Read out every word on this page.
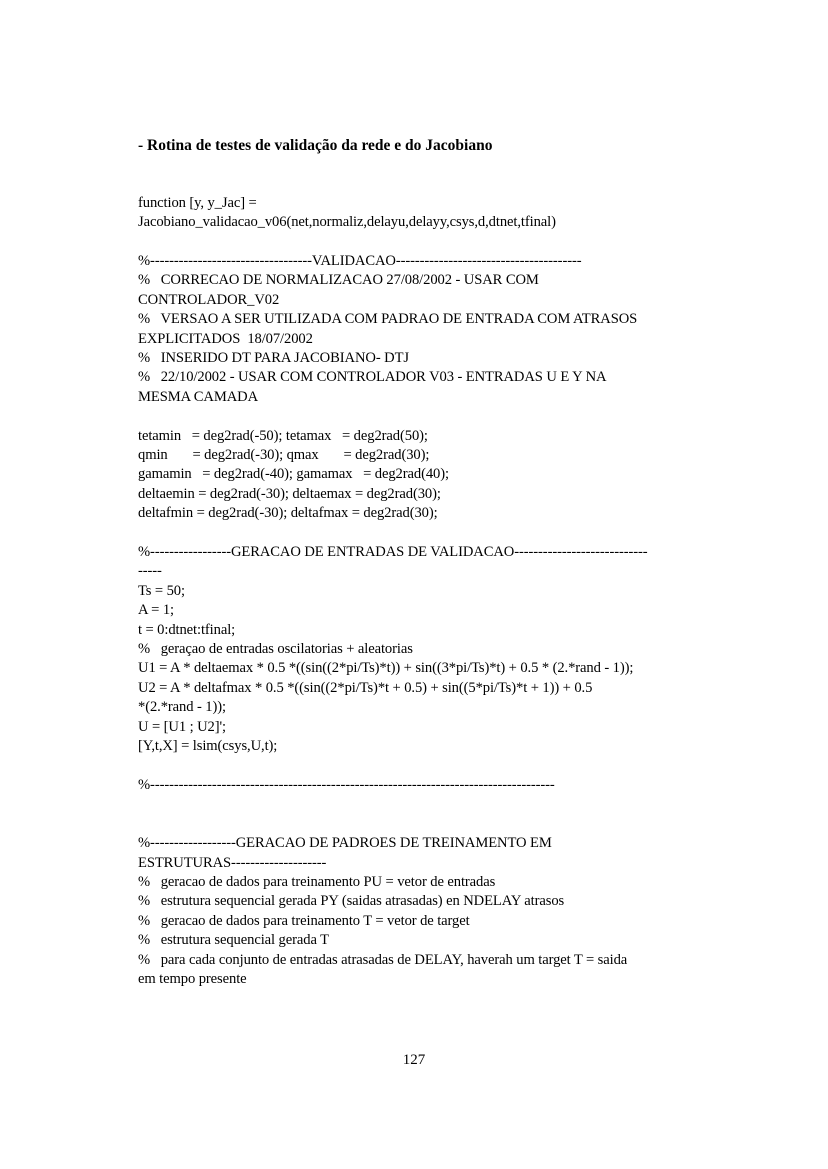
- Rotina de testes de validação da rede e do Jacobiano

function [y, y_Jac] =

Jacobiano_validacao_v06(net,normaliz,delayu,delayy,csys,d,dtnet,tfinal)

%----------------------------------VALIDACAO---------------------------------------

%   CORRECAO DE NORMALIZACAO 27/08/2002 - USAR COM

CONTROLADOR_V02

%   VERSAO A SER UTILIZADA COM PADRAO DE ENTRADA COM ATRASOS

EXPLICITADOS  18/07/2002

%   INSERIDO DT PARA JACOBIANO- DTJ

%   22/10/2002 - USAR COM CONTROLADOR V03 - ENTRADAS U E Y NA

MESMA CAMADA

tetamin   = deg2rad(-50); tetamax   = deg2rad(50);

qmin       = deg2rad(-30); qmax       = deg2rad(30);

gamamin   = deg2rad(-40); gamamax   = deg2rad(40);

deltaemin = deg2rad(-30); deltaemax = deg2rad(30);

deltafmin = deg2rad(-30); deltafmax = deg2rad(30);

%-----------------GERACAO DE ENTRADAS DE VALIDACAO----------------------------

-----

Ts = 50;

A = 1;

t = 0:dtnet:tfinal;

%   geraçao de entradas oscilatorias + aleatorias

U1 = A * deltaemax * 0.5 *((sin((2*pi/Ts)*t)) + sin((3*pi/Ts)*t) + 0.5 * (2.*rand - 1));

U2 = A * deltafmax * 0.5 *((sin((2*pi/Ts)*t + 0.5) + sin((5*pi/Ts)*t + 1)) + 0.5

*(2.*rand - 1));

U = [U1 ; U2]';

[Y,t,X] = lsim(csys,U,t);

%-------------------------------------------------------------------------------------

%------------------GERACAO DE PADROES DE TREINAMENTO EM

ESTRUTURAS--------------------

%   geracao de dados para treinamento PU = vetor de entradas

%   estrutura sequencial gerada PY (saidas atrasadas) en NDELAY atrasos

%   geracao de dados para treinamento T = vetor de target

%   estrutura sequencial gerada T

%   para cada conjunto de entradas atrasadas de DELAY, haverah um target T = saida

em tempo presente

127
